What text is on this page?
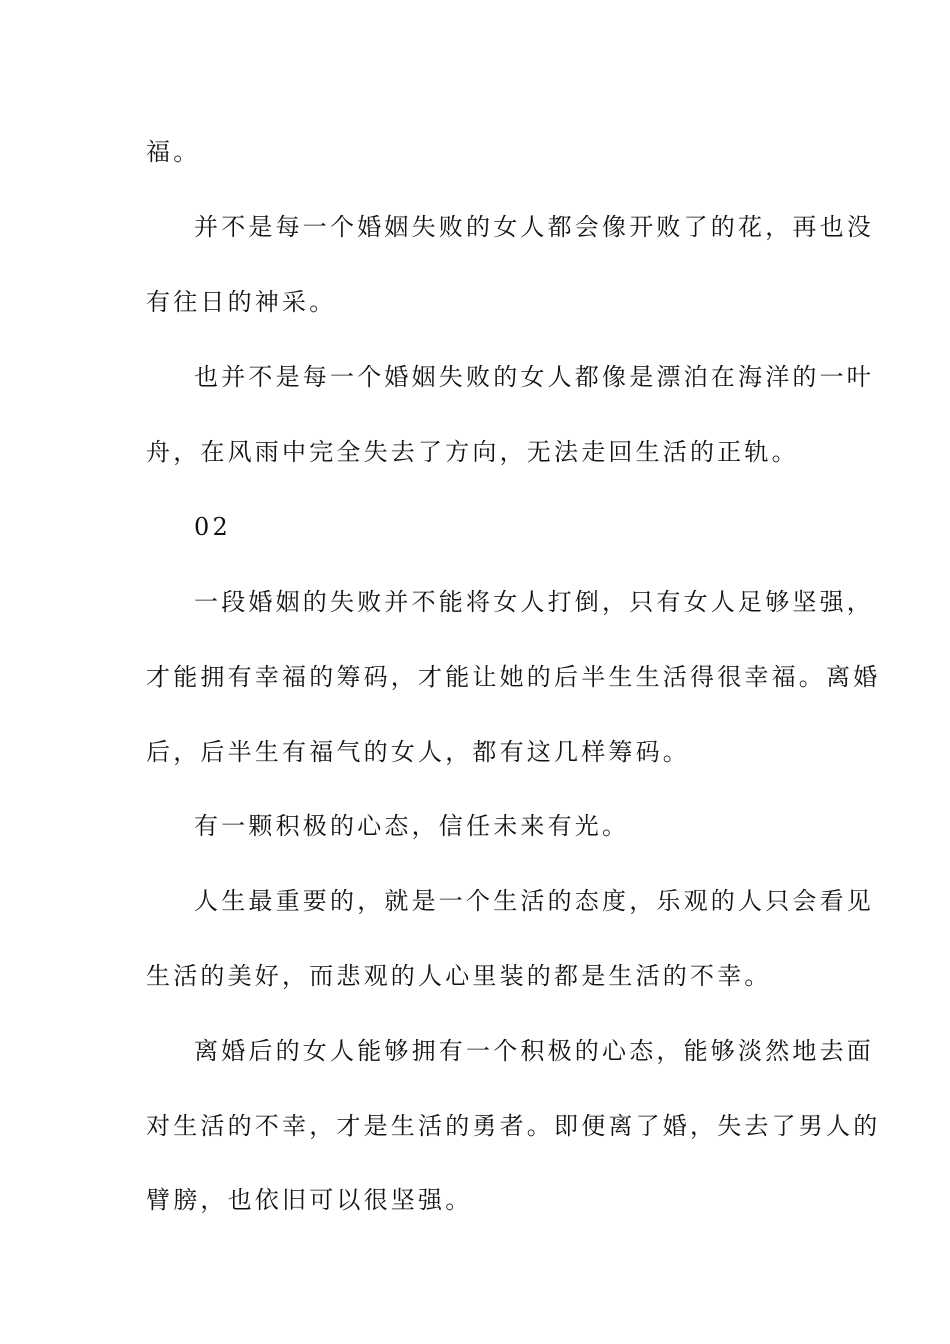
福。
并不是每一个婚姻失败的女人都会像开败了的花，再也没
有往日的神采。
也并不是每一个婚姻失败的女人都像是漂泊在海洋的一叶
舟，在风雨中完全失去了方向，无法走回生活的正轨。
02
一段婚姻的失败并不能将女人打倒，只有女人足够坚强，
才能拥有幸福的筹码，才能让她的后半生生活得很幸福。离婚
后，后半生有福气的女人，都有这几样筹码。
有一颗积极的心态，信任未来有光。
人生最重要的，就是一个生活的态度，乐观的人只会看见
生活的美好，而悲观的人心里装的都是生活的不幸。
离婚后的女人能够拥有一个积极的心态，能够淡然地去面
对生活的不幸，才是生活的勇者。即便离了婚，失去了男人的
臂膀，也依旧可以很坚强。
